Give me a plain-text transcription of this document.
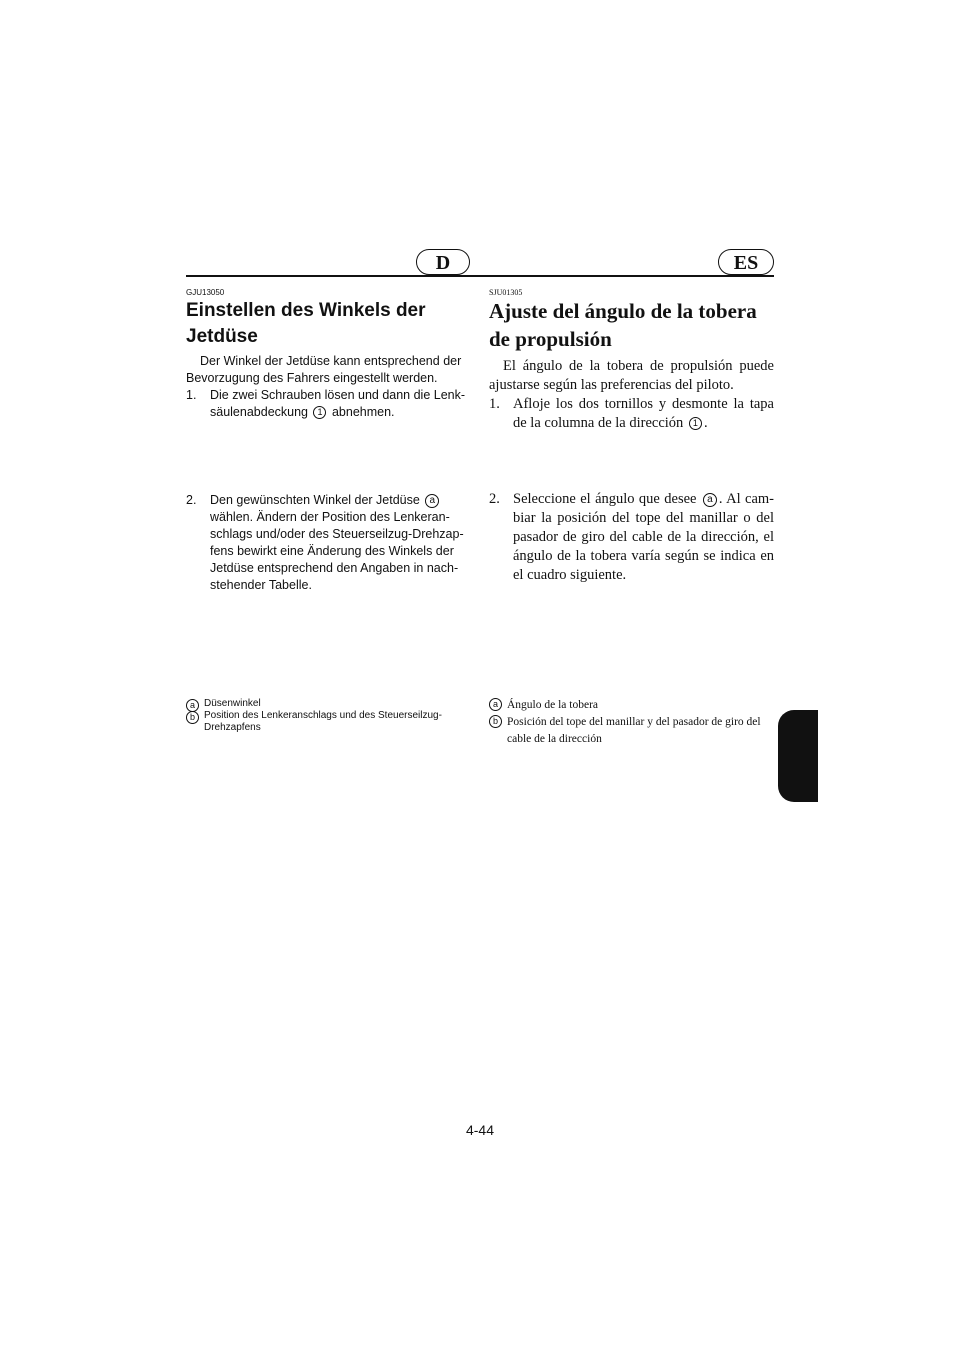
D	ES
GJU13050
Einstellen des Winkels der Jetdüse
Der Winkel der Jetdüse kann entsprechend der Bevorzugung des Fahrers eingestellt werden.
1. Die zwei Schrauben lösen und dann die Lenk-säulenabdeckung 1 abnehmen.
2. Den gewünschten Winkel der Jetdüse a wählen. Ändern der Position des Lenkeran-schlags und/oder des Steuerseilzug-Drehzap-fens bewirkt eine Änderung des Winkels der Jetdüse entsprechend den Angaben in nach-stehender Tabelle.
a Düsenwinkel
b Position des Lenkeranschlags und des Steuerseilzug-Drehzapfens
SJU01305
Ajuste del ángulo de la tobera de propulsión
El ángulo de la tobera de propulsión puede ajustarse según las preferencias del piloto.
1. Afloje los dos tornillos y desmonte la tapa de la columna de la dirección 1 .
2. Seleccione el ángulo que desee a . Al cam-biar la posición del tope del manillar o del pasador de giro del cable de la dirección, el ángulo de la tobera varía según se indica en el cuadro siguiente.
a Ángulo de la tobera
b Posición del tope del manillar y del pasador de giro del cable de la dirección
4-44
